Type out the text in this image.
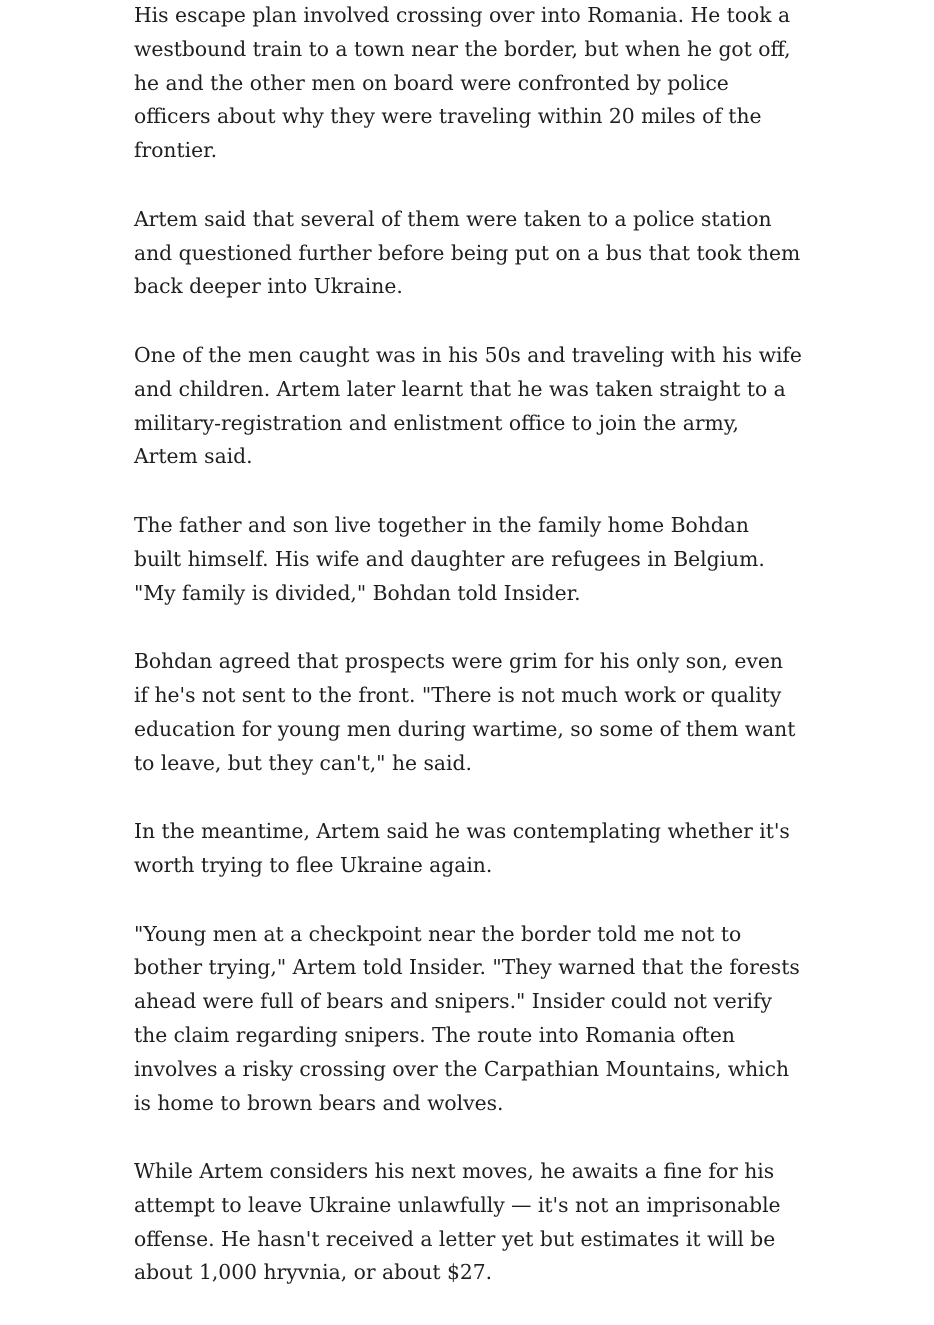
His escape plan involved crossing over into Romania. He took a westbound train to a town near the border, but when he got off, he and the other men on board were confronted by police officers about why they were traveling within 20 miles of the frontier.

Artem said that several of them were taken to a police station and questioned further before being put on a bus that took them back deeper into Ukraine.

One of the men caught was in his 50s and traveling with his wife and children. Artem later learnt that he was taken straight to a military-registration and enlistment office to join the army, Artem said.

The father and son live together in the family home Bohdan built himself. His wife and daughter are refugees in Belgium. "My family is divided," Bohdan told Insider.

Bohdan agreed that prospects were grim for his only son, even if he's not sent to the front. "There is not much work or quality education for young men during wartime, so some of them want to leave, but they can't," he said.

In the meantime, Artem said he was contemplating whether it's worth trying to flee Ukraine again.

"Young men at a checkpoint near the border told me not to bother trying," Artem told Insider. "They warned that the forests ahead were full of bears and snipers." Insider could not verify the claim regarding snipers. The route into Romania often involves a risky crossing over the Carpathian Mountains, which is home to brown bears and wolves.

While Artem considers his next moves, he awaits a fine for his attempt to leave Ukraine unlawfully — it's not an imprisonable offense. He hasn't received a letter yet but estimates it will be about 1,000 hryvnia, or about $27.
